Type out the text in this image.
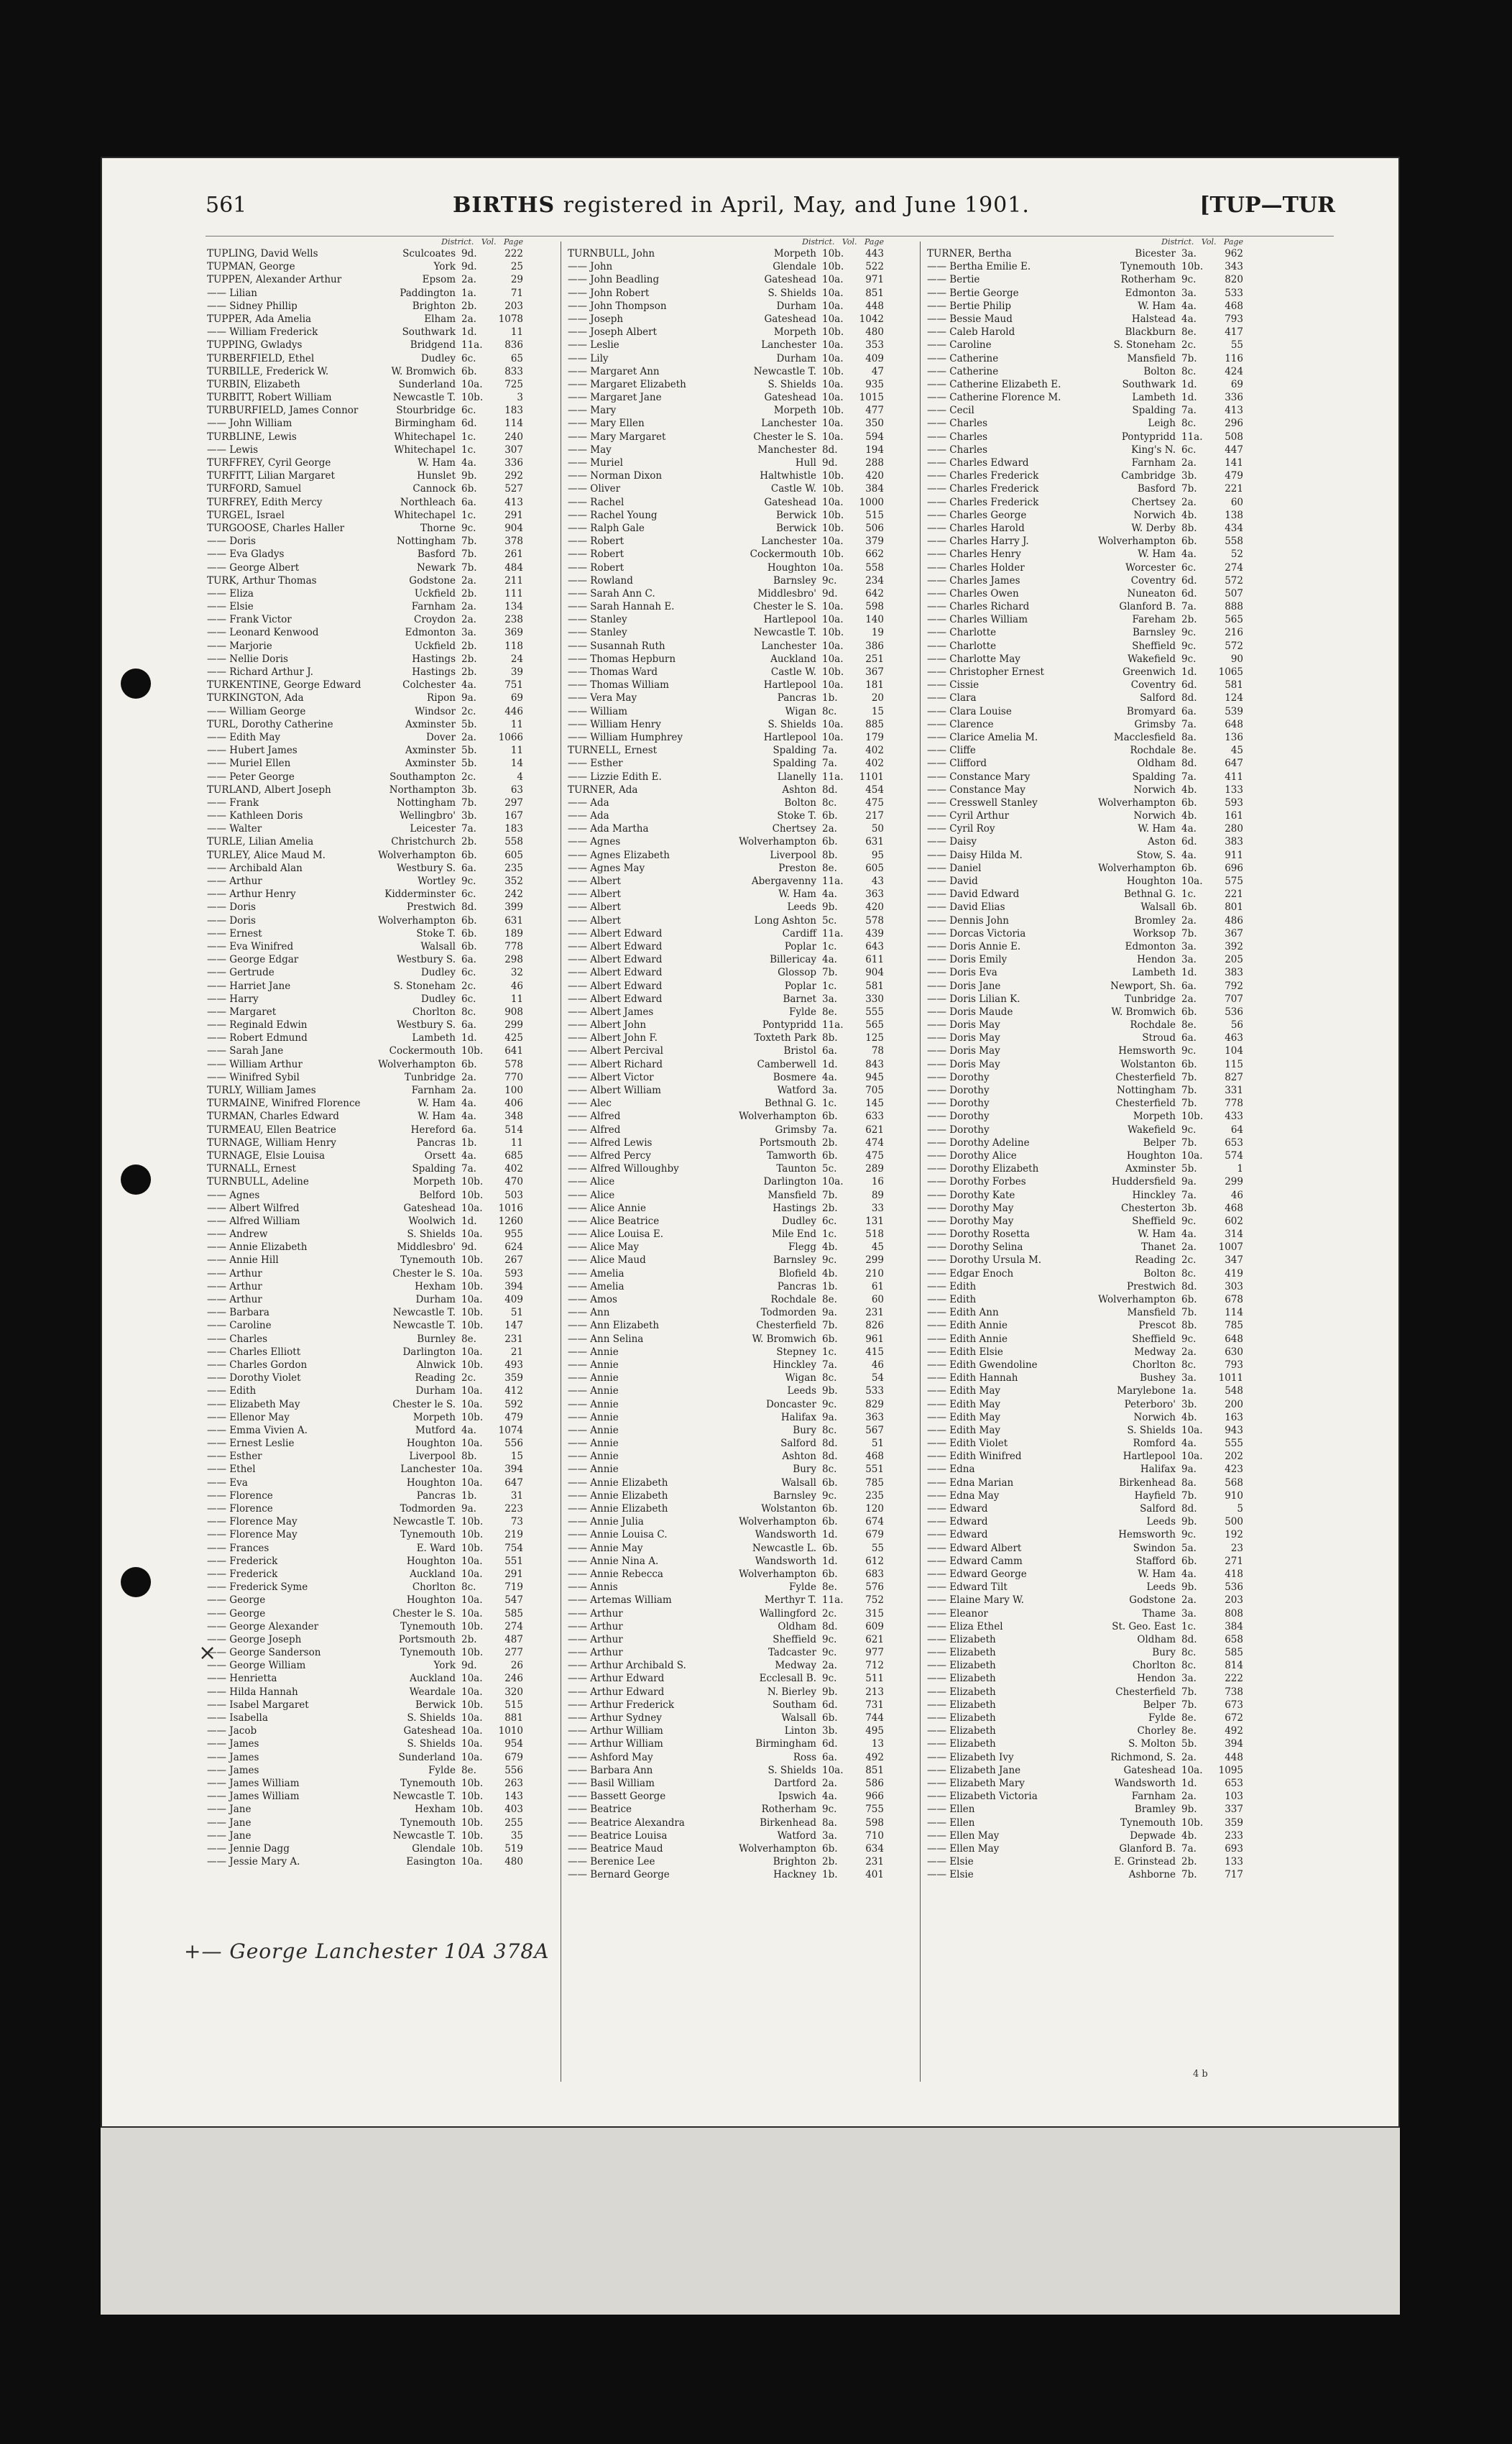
561	BIRTHS registered in April, May, and June 1901.	[TUP—TUR
District. Vol. Page
TUPLING, David Wells	Sculcoates 9d.	222
TUPMAN, George	York 9d.	25
TUPPEN, Alexander Arthur	Epsom 2a.	29
—— Lilian	Paddington 1a.	71
—— Sidney Phillip	Brighton 2b.	203
TUPPER, Ada Amelia	Elham 2a.	1078
—— William Frederick	Southwark 1d.	11
TUPPING, Gwladys	Bridgend 11a.	836
TURBERFIELD, Ethel	Dudley 6c.	65
TURBILLE, Frederick W.	W. Bromwich 6b.	833
TURBIN, Elizabeth	Sunderland 10a.	725
TURBITT, Robert William	Newcastle T. 10b.	3
TURBURFIELD, James Connor	Stourbridge 6c.	183
—— John William	Birmingham 6d.	114
TURBLINE, Lewis	Whitechapel 1c.	240
—— Lewis	Whitechapel 1c.	307
TURFFREY, Cyril George	W. Ham 4a.	336
TURFITT, Lilian Margaret	Hunslet 9b.	292
TURFORD, Samuel	Cannock 6b.	527
TURFREY, Edith Mercy	Northleach 6a.	413
TURGEL, Israel	Whitechapel 1c.	291
TURGOOSE, Charles Haller	Thorne 9c.	904
—— Doris	Nottingham 7b.	378
—— Eva Gladys	Basford 7b.	261
—— George Albert	Newark 7b.	484
TURK, Arthur Thomas	Godstone 2a.	211
—— Eliza	Uckfield 2b.	111
—— Elsie	Farnham 2a.	134
—— Frank Victor	Croydon 2a.	238
—— Leonard Kenwood	Edmonton 3a.	369
—— Marjorie	Uckfield 2b.	118
—— Nellie Doris	Hastings 2b.	24
—— Richard Arthur J.	Hastings 2b.	39
TURKENTINE, George Edward	Colchester 4a.	751
TURKINGTON, Ada	Ripon 9a.	69
—— William George	Windsor 2c.	446
TURL, Dorothy Catherine	Axminster 5b.	11
—— Edith May	Dover 2a.	1066
—— Hubert James	Axminster 5b.	11
—— Muriel Ellen	Axminster 5b.	14
—— Peter George	Southampton 2c.	4
TURLAND, Albert Joseph	Northampton 3b.	63
—— Frank	Nottingham 7b.	297
—— Kathleen Doris	Wellingbro' 3b.	167
—— Walter	Leicester 7a.	183
TURLE, Lilian Amelia	Christchurch 2b.	558
TURLEY, Alice Maud M.	Wolverhampton 6b.	605
—— Archibald Alan	Westbury S. 6a.	235
—— Arthur	Wortley 9c.	352
—— Arthur Henry	Kidderminster 6c.	242
—— Doris	Prestwich 8d.	399
—— Doris	Wolverhampton 6b.	631
—— Ernest	Stoke T. 6b.	189
—— Eva Winifred	Walsall 6b.	778
—— George Edgar	Westbury S. 6a.	298
—— Gertrude	Dudley 6c.	32
—— Harriet Jane	S. Stoneham 2c.	46
—— Harry	Dudley 6c.	11
—— Margaret	Chorlton 8c.	908
—— Reginald Edwin	Westbury S. 6a.	299
—— Robert Edmund	Lambeth 1d.	425
—— Sarah Jane	Cockermouth 10b.	641
—— William Arthur	Wolverhampton 6b.	578
—— Winifred Sybil	Tunbridge 2a.	770
TURLY, William James	Farnham 2a.	100
TURMAINE, Winifred Florence	W. Ham 4a.	406
TURMAN, Charles Edward	W. Ham 4a.	348
TURMEAU, Ellen Beatrice	Hereford 6a.	514
TURNAGE, William Henry	Pancras 1b.	11
TURNAGE, Elsie Louisa	Orsett 4a.	685
TURNALL, Ernest	Spalding 7a.	402
TURNBULL, Adeline	Morpeth 10b.	470
—— Agnes	Belford 10b.	503
—— Albert Wilfred	Gateshead 10a.	1016
—— Alfred William	Woolwich 1d.	1260
—— Andrew	S. Shields 10a.	955
—— Annie Elizabeth	Middlesbro' 9d.	624
—— Annie Hill	Tynemouth 10b.	267
—— Arthur	Chester le S. 10a.	593
—— Arthur	Hexham 10b.	394
—— Arthur	Durham 10a.	409
—— Barbara	Newcastle T. 10b.	51
—— Caroline	Newcastle T. 10b.	147
—— Charles	Burnley 8e.	231
—— Charles Elliott	Darlington 10a.	21
—— Charles Gordon	Alnwick 10b.	493
—— Dorothy Violet	Reading 2c.	359
—— Edith	Durham 10a.	412
—— Elizabeth May	Chester le S. 10a.	592
—— Ellenor May	Morpeth 10b.	479
—— Emma Vivien A.	Mutford 4a.	1074
—— Ernest Leslie	Houghton 10a.	556
—— Esther	Liverpool 8b.	15
—— Ethel	Lanchester 10a.	394
—— Eva	Houghton 10a.	647
—— Florence	Pancras 1b.	31
—— Florence	Todmorden 9a.	223
—— Florence May	Newcastle T. 10b.	73
—— Florence May	Tynemouth 10b.	219
—— Frances	E. Ward 10b.	754
—— Frederick	Houghton 10a.	551
—— Frederick	Auckland 10a.	291
—— Frederick Syme	Chorlton 8c.	719
—— George	Houghton 10a.	547
—— George	Chester le S. 10a.	585
—— George Alexander	Tynemouth 10b.	274
—— George Joseph	Portsmouth 2b.	487
—— George Sanderson	Tynemouth 10b.	277
—— George William	York 9d.	26
—— Henrietta	Auckland 10a.	246
—— Hilda Hannah	Weardale 10a.	320
—— Isabel Margaret	Berwick 10b.	515
—— Isabella	S. Shields 10a.	881
—— Jacob	Gateshead 10a.	1010
—— James	S. Shields 10a.	954
—— James	Sunderland 10a.	679
—— James	Fylde 8e.	556
—— James William	Tynemouth 10b.	263
—— James William	Newcastle T. 10b.	143
—— Jane	Hexham 10b.	403
—— Jane	Tynemouth 10b.	255
—— Jane	Newcastle T. 10b.	35
—— Jennie Dagg	Glendale 10b.	519
—— Jessie Mary A.	Easington 10a.	480
District. Vol. Page
TURNBULL, John	Morpeth 10b.	443
—— John	Glendale 10b.	522
—— John Beadling	Gateshead 10a.	971
—— John Robert	S. Shields 10a.	851
—— John Thompson	Durham 10a.	448
—— Joseph	Gateshead 10a.	1042
—— Joseph Albert	Morpeth 10b.	480
—— Leslie	Lanchester 10a.	353
—— Lily	Durham 10a.	409
—— Margaret Ann	Newcastle T. 10b.	47
—— Margaret Elizabeth	S. Shields 10a.	935
—— Margaret Jane	Gateshead 10a.	1015
—— Mary	Morpeth 10b.	477
—— Mary Ellen	Lanchester 10a.	350
—— Mary Margaret	Chester le S. 10a.	594
—— May	Manchester 8d.	194
—— Muriel	Hull 9d.	288
—— Norman Dixon	Haltwhistle 10b.	420
—— Oliver	Castle W. 10b.	384
—— Rachel	Gateshead 10a.	1000
—— Rachel Young	Berwick 10b.	515
—— Ralph Gale	Berwick 10b.	506
—— Robert	Lanchester 10a.	379
—— Robert	Cockermouth 10b.	662
—— Robert	Houghton 10a.	558
—— Rowland	Barnsley 9c.	234
—— Sarah Ann C.	Middlesbro' 9d.	642
—— Sarah Hannah E.	Chester le S. 10a.	598
—— Stanley	Hartlepool 10a.	140
—— Stanley	Newcastle T. 10b.	19
—— Susannah Ruth	Lanchester 10a.	386
—— Thomas Hepburn	Auckland 10a.	251
—— Thomas Ward	Castle W. 10b.	367
—— Thomas William	Hartlepool 10a.	181
—— Vera May	Pancras 1b.	20
—— William	Wigan 8c.	15
—— William Henry	S. Shields 10a.	885
—— William Humphrey	Hartlepool 10a.	179
TURNELL, Ernest	Spalding 7a.	402
—— Esther	Spalding 7a.	402
—— Lizzie Edith E.	Llanelly 11a.	1101
TURNER, Ada	Ashton 8d.	454
—— Ada	Bolton 8c.	475
—— Ada	Stoke T. 6b.	217
—— Ada Martha	Chertsey 2a.	50
—— Agnes	Wolverhampton 6b.	631
—— Agnes Elizabeth	Liverpool 8b.	95
—— Agnes May	Preston 8e.	605
—— Albert	Abergavenny 11a.	43
—— Albert	W. Ham 4a.	363
—— Albert	Leeds 9b.	420
—— Albert	Long Ashton 5c.	578
—— Albert Edward	Cardiff 11a.	439
—— Albert Edward	Poplar 1c.	643
—— Albert Edward	Billericay 4a.	611
—— Albert Edward	Glossop 7b.	904
—— Albert Edward	Poplar 1c.	581
—— Albert Edward	Barnet 3a.	330
—— Albert James	Fylde 8e.	555
—— Albert John	Pontypridd 11a.	565
—— Albert John F.	Toxteth Park 8b.	125
—— Albert Percival	Bristol 6a.	78
—— Albert Richard	Camberwell 1d.	843
—— Albert Victor	Bosmere 4a.	945
—— Albert William	Watford 3a.	705
—— Alec	Bethnal G. 1c.	145
—— Alfred	Wolverhampton 6b.	633
—— Alfred	Grimsby 7a.	621
—— Alfred Lewis	Portsmouth 2b.	474
—— Alfred Percy	Tamworth 6b.	475
—— Alfred Willoughby	Taunton 5c.	289
—— Alice	Darlington 10a.	16
—— Alice	Mansfield 7b.	89
—— Alice Annie	Hastings 2b.	33
—— Alice Beatrice	Dudley 6c.	131
—— Alice Louisa E.	Mile End 1c.	518
—— Alice May	Flegg 4b.	45
—— Alice Maud	Barnsley 9c.	299
—— Amelia	Blofield 4b.	210
—— Amelia	Pancras 1b.	61
—— Amos	Rochdale 8e.	60
—— Ann	Todmorden 9a.	231
—— Ann Elizabeth	Chesterfield 7b.	826
—— Ann Selina	W. Bromwich 6b.	961
—— Annie	Stepney 1c.	415
—— Annie	Hinckley 7a.	46
—— Annie	Wigan 8c.	54
—— Annie	Leeds 9b.	533
—— Annie	Doncaster 9c.	829
—— Annie	Halifax 9a.	363
—— Annie	Bury 8c.	567
—— Annie	Salford 8d.	51
—— Annie	Ashton 8d.	468
—— Annie	Bury 8c.	551
—— Annie Elizabeth	Walsall 6b.	785
—— Annie Elizabeth	Barnsley 9c.	235
—— Annie Elizabeth	Wolstanton 6b.	120
—— Annie Julia	Wolverhampton 6b.	674
—— Annie Louisa C.	Wandsworth 1d.	679
—— Annie May	Newcastle L. 6b.	55
—— Annie Nina A.	Wandsworth 1d.	612
—— Annie Rebecca	Wolverhampton 6b.	683
—— Annis	Fylde 8e.	576
—— Artemas William	Merthyr T. 11a.	752
—— Arthur	Wallingford 2c.	315
—— Arthur	Oldham 8d.	609
—— Arthur	Sheffield 9c.	621
—— Arthur	Tadcaster 9c.	977
—— Arthur Archibald S.	Medway 2a.	712
—— Arthur Edward	Ecclesall B. 9c.	511
—— Arthur Edward	N. Bierley 9b.	213
—— Arthur Frederick	Southam 6d.	731
—— Arthur Sydney	Walsall 6b.	744
—— Arthur William	Linton 3b.	495
—— Arthur William	Birmingham 6d.	13
—— Ashford May	Ross 6a.	492
—— Barbara Ann	S. Shields 10a.	851
—— Basil William	Dartford 2a.	586
—— Bassett George	Ipswich 4a.	966
—— Beatrice	Rotherham 9c.	755
—— Beatrice Alexandra	Birkenhead 8a.	598
—— Beatrice Louisa	Watford 3a.	710
—— Beatrice Maud	Wolverhampton 6b.	634
—— Berenice Lee	Brighton 2b.	231
—— Bernard George	Hackney 1b.	401
District. Vol. Page
TURNER, Bertha	Bicester 3a.	962
—— Bertha Emilie E.	Tynemouth 10b.	343
—— Bertie	Rotherham 9c.	820
—— Bertie George	Edmonton 3a.	533
—— Bertie Philip	W. Ham 4a.	468
—— Bessie Maud	Halstead 4a.	793
—— Caleb Harold	Blackburn 8e.	417
—— Caroline	S. Stoneham 2c.	55
—— Catherine	Mansfield 7b.	116
—— Catherine	Bolton 8c.	424
—— Catherine Elizabeth E.	Southwark 1d.	69
—— Catherine Florence M.	Lambeth 1d.	336
—— Cecil	Spalding 7a.	413
—— Charles	Leigh 8c.	296
—— Charles	Pontypridd 11a.	508
—— Charles	King's N. 6c.	447
—— Charles Edward	Farnham 2a.	141
—— Charles Frederick	Cambridge 3b.	479
—— Charles Frederick	Basford 7b.	221
—— Charles Frederick	Chertsey 2a.	60
—— Charles George	Norwich 4b.	138
—— Charles Harold	W. Derby 8b.	434
—— Charles Harry J.	Wolverhampton 6b.	558
—— Charles Henry	W. Ham 4a.	52
—— Charles Holder	Worcester 6c.	274
—— Charles James	Coventry 6d.	572
—— Charles Owen	Nuneaton 6d.	507
—— Charles Richard	Glanford B. 7a.	888
—— Charles William	Fareham 2b.	565
—— Charlotte	Barnsley 9c.	216
—— Charlotte	Sheffield 9c.	572
—— Charlotte May	Wakefield 9c.	90
—— Christopher Ernest	Greenwich 1d.	1065
—— Cissie	Coventry 6d.	581
—— Clara	Salford 8d.	124
—— Clara Louise	Bromyard 6a.	539
—— Clarence	Grimsby 7a.	648
—— Clarice Amelia M.	Macclesfield 8a.	136
—— Cliffe	Rochdale 8e.	45
—— Clifford	Oldham 8d.	647
—— Constance Mary	Spalding 7a.	411
—— Constance May	Norwich 4b.	133
—— Cresswell Stanley	Wolverhampton 6b.	593
—— Cyril Arthur	Norwich 4b.	161
—— Cyril Roy	W. Ham 4a.	280
—— Daisy	Aston 6d.	383
—— Daisy Hilda M.	Stow, S. 4a.	911
—— Daniel	Wolverhampton 6b.	696
—— David	Houghton 10a.	575
—— David Edward	Bethnal G. 1c.	221
—— David Elias	Walsall 6b.	801
—— Dennis John	Bromley 2a.	486
—— Dorcas Victoria	Worksop 7b.	367
—— Doris Annie E.	Edmonton 3a.	392
—— Doris Emily	Hendon 3a.	205
—— Doris Eva	Lambeth 1d.	383
—— Doris Jane	Newport, Sh. 6a.	792
—— Doris Lilian K.	Tunbridge 2a.	707
—— Doris Maude	W. Bromwich 6b.	536
—— Doris May	Rochdale 8e.	56
—— Doris May	Stroud 6a.	463
—— Doris May	Hemsworth 9c.	104
—— Doris May	Wolstanton 6b.	115
—— Dorothy	Chesterfield 7b.	827
—— Dorothy	Nottingham 7b.	331
—— Dorothy	Chesterfield 7b.	778
—— Dorothy	Morpeth 10b.	433
—— Dorothy	Wakefield 9c.	64
—— Dorothy Adeline	Belper 7b.	653
—— Dorothy Alice	Houghton 10a.	574
—— Dorothy Elizabeth	Axminster 5b.	1
—— Dorothy Forbes	Huddersfield 9a.	299
—— Dorothy Kate	Hinckley 7a.	46
—— Dorothy May	Chesterton 3b.	468
—— Dorothy May	Sheffield 9c.	602
—— Dorothy Rosetta	W. Ham 4a.	314
—— Dorothy Selina	Thanet 2a.	1007
—— Dorothy Ursula M.	Reading 2c.	347
—— Edgar Enoch	Bolton 8c.	419
—— Edith	Prestwich 8d.	303
—— Edith	Wolverhampton 6b.	678
—— Edith Ann	Mansfield 7b.	114
—— Edith Annie	Prescot 8b.	785
—— Edith Annie	Sheffield 9c.	648
—— Edith Elsie	Medway 2a.	630
—— Edith Gwendoline	Chorlton 8c.	793
—— Edith Hannah	Bushey 3a.	1011
—— Edith May	Marylebone 1a.	548
—— Edith May	Peterboro' 3b.	200
—— Edith May	Norwich 4b.	163
—— Edith May	S. Shields 10a.	943
—— Edith Violet	Romford 4a.	555
—— Edith Winifred	Hartlepool 10a.	202
—— Edna	Halifax 9a.	423
—— Edna Marian	Birkenhead 8a.	568
—— Edna May	Hayfield 7b.	910
—— Edward	Salford 8d.	5
—— Edward	Leeds 9b.	500
—— Edward	Hemsworth 9c.	192
—— Edward Albert	Swindon 5a.	23
—— Edward Camm	Stafford 6b.	271
—— Edward George	W. Ham 4a.	418
—— Edward Tilt	Leeds 9b.	536
—— Elaine Mary W.	Godstone 2a.	203
—— Eleanor	Thame 3a.	808
—— Eliza Ethel	St. Geo. East 1c.	384
—— Elizabeth	Oldham 8d.	658
—— Elizabeth	Bury 8c.	585
—— Elizabeth	Chorlton 8c.	814
—— Elizabeth	Hendon 3a.	222
—— Elizabeth	Chesterfield 7b.	738
—— Elizabeth	Belper 7b.	673
—— Elizabeth	Fylde 8e.	672
—— Elizabeth	Chorley 8e.	492
—— Elizabeth	S. Molton 5b.	394
—— Elizabeth Ivy	Richmond, S. 2a.	448
—— Elizabeth Jane	Gateshead 10a.	1095
—— Elizabeth Mary	Wandsworth 1d.	653
—— Elizabeth Victoria	Farnham 2a.	103
—— Ellen	Bramley 9b.	337
—— Ellen	Tynemouth 10b.	359
—— Ellen May	Depwade 4b.	233
—— Ellen May	Glanford B. 7a.	693
—— Elsie	E. Grinstead 2b.	133
—— Elsie	Ashborne 7b.	717
4 b
×
+— George Lanchester 10A 378A
